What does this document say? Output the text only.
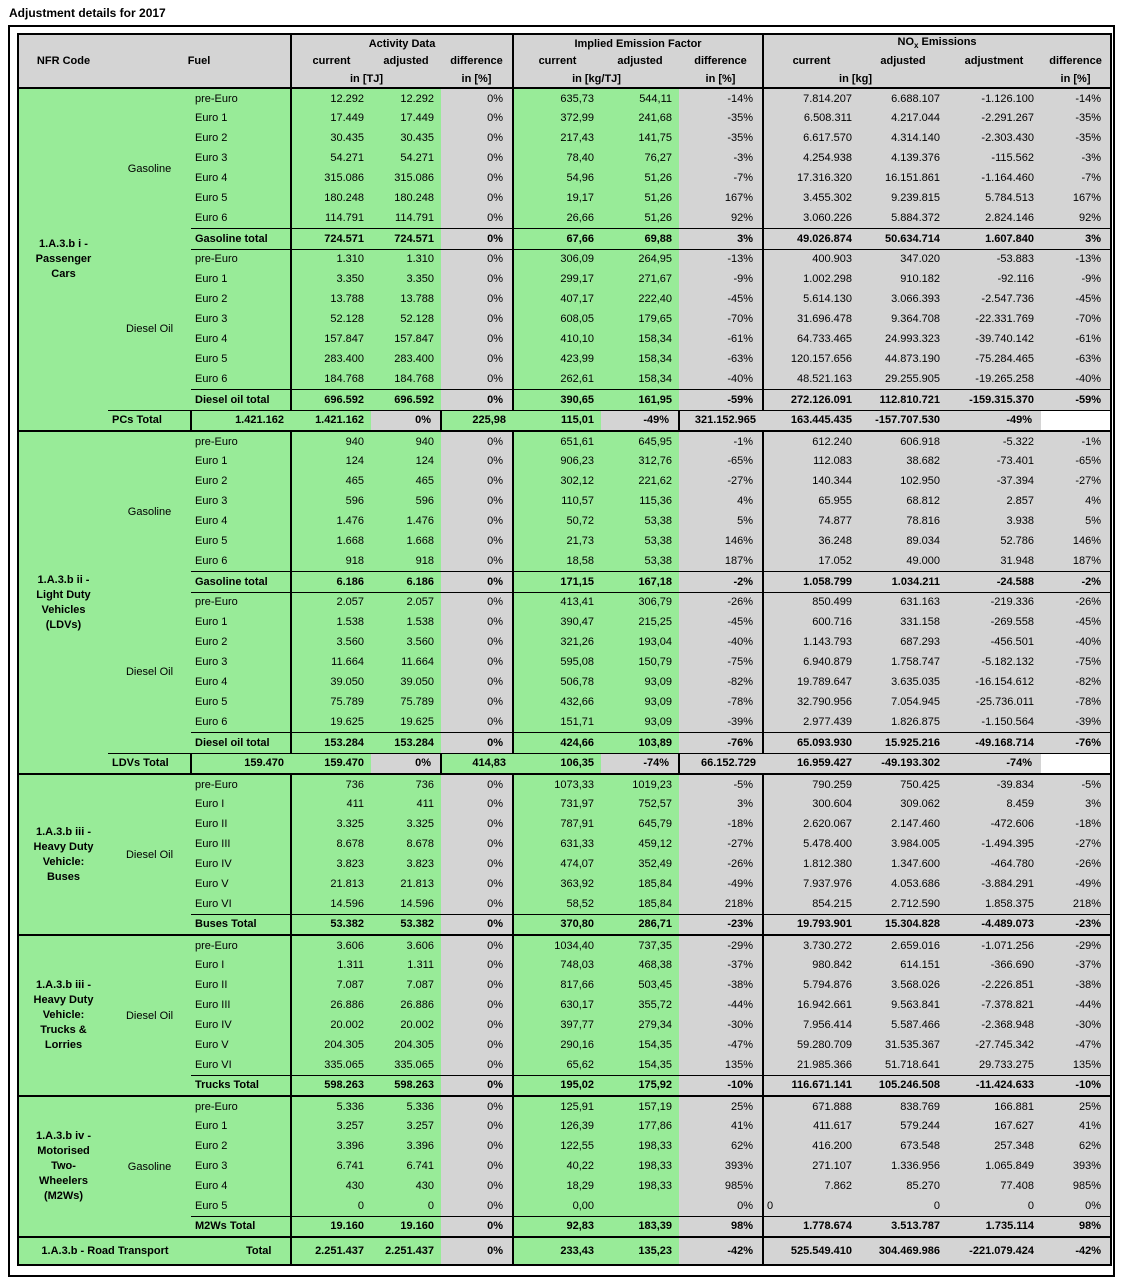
Adjustment details for 2017
NFR Code	Fuel		Activity Data			Implied Emission Factor			$NO_x$ Emissions			
			current	adjusted	difference	current	adjusted	difference	current	adjusted	adjustment	difference
			in [TJ]		in [%]	in [kg/TJ]		in [%]	in [kg]			in [%]

1.A.3.b i -
Passenger
Cars	Gasoline	pre-Euro	12.292	12.292	0%	635,73	544,11	-14%	7.814.207	6.688.107	-1.126.100	-14%
		Euro 1	17.449	17.449	0%	372,99	241,68	-35%	6.508.311	4.217.044	-2.291.267	-35%
		Euro 2	30.435	30.435	0%	217,43	141,75	-35%	6.617.570	4.314.140	-2.303.430	-35%
		Euro 3	54.271	54.271	0%	78,40	76,27	-3%	4.254.938	4.139.376	-115.562	-3%
		Euro 4	315.086	315.086	0%	54,96	51,26	-7%	17.316.320	16.151.861	-1.164.460	-7%
		Euro 5	180.248	180.248	0%	19,17	51,26	167%	3.455.302	9.239.815	5.784.513	167%
		Euro 6	114.791	114.791	0%	26,66	51,26	92%	3.060.226	5.884.372	2.824.146	92%
		Gasoline total	724.571	724.571	0%	67,66	69,88	3%	49.026.874	50.634.714	1.607.840	3%
	Diesel Oil	pre-Euro	1.310	1.310	0%	306,09	264,95	-13%	400.903	347.020	-53.883	-13%
		Euro 1	3.350	3.350	0%	299,17	271,67	-9%	1.002.298	910.182	-92.116	-9%
		Euro 2	13.788	13.788	0%	407,17	222,40	-45%	5.614.130	3.066.393	-2.547.736	-45%
		Euro 3	52.128	52.128	0%	608,05	179,65	-70%	31.696.478	9.364.708	-22.331.769	-70%
		Euro 4	157.847	157.847	0%	410,10	158,34	-61%	64.733.465	24.993.323	-39.740.142	-61%
		Euro 5	283.400	283.400	0%	423,99	158,34	-63%	120.157.656	44.873.190	-75.284.465	-63%
		Euro 6	184.768	184.768	0%	262,61	158,34	-40%	48.521.163	29.255.905	-19.265.258	-40%
		Diesel oil total	696.592	696.592	0%	390,65	161,95	-59%	272.126.091	112.810.721	-159.315.370	-59%
	PCs Total	1.421.162	1.421.162	0%	225,98	115,01	-49%	321.152.965	163.445.435	-157.707.530	-49%	

1.A.3.b ii -
Light Duty
Vehicles
(LDVs)	Gasoline	pre-Euro	940	940	0%	651,61	645,95	-1%	612.240	606.918	-5.322	-1%
		Euro 1	124	124	0%	906,23	312,76	-65%	112.083	38.682	-73.401	-65%
		Euro 2	465	465	0%	302,12	221,62	-27%	140.344	102.950	-37.394	-27%
		Euro 3	596	596	0%	110,57	115,36	4%	65.955	68.812	2.857	4%
		Euro 4	1.476	1.476	0%	50,72	53,38	5%	74.877	78.816	3.938	5%
		Euro 5	1.668	1.668	0%	21,73	53,38	146%	36.248	89.034	52.786	146%
		Euro 6	918	918	0%	18,58	53,38	187%	17.052	49.000	31.948	187%
		Gasoline total	6.186	6.186	0%	171,15	167,18	-2%	1.058.799	1.034.211	-24.588	-2%
	Diesel Oil	pre-Euro	2.057	2.057	0%	413,41	306,79	-26%	850.499	631.163	-219.336	-26%
		Euro 1	1.538	1.538	0%	390,47	215,25	-45%	600.716	331.158	-269.558	-45%
		Euro 2	3.560	3.560	0%	321,26	193,04	-40%	1.143.793	687.293	-456.501	-40%
		Euro 3	11.664	11.664	0%	595,08	150,79	-75%	6.940.879	1.758.747	-5.182.132	-75%
		Euro 4	39.050	39.050	0%	506,78	93,09	-82%	19.789.647	3.635.035	-16.154.612	-82%
		Euro 5	75.789	75.789	0%	432,66	93,09	-78%	32.790.956	7.054.945	-25.736.011	-78%
		Euro 6	19.625	19.625	0%	151,71	93,09	-39%	2.977.439	1.826.875	-1.150.564	-39%
		Diesel oil total	153.284	153.284	0%	424,66	103,89	-76%	65.093.930	15.925.216	-49.168.714	-76%
	LDVs Total	159.470	159.470	0%	414,83	106,35	-74%	66.152.729	16.959.427	-49.193.302	-74%	

1.A.3.b iii -
Heavy Duty
Vehicle:
Buses	Diesel Oil	pre-Euro	736	736	0%	1073,33	1019,23	-5%	790.259	750.425	-39.834	-5%
		Euro I	411	411	0%	731,97	752,57	3%	300.604	309.062	8.459	3%
		Euro II	3.325	3.325	0%	787,91	645,79	-18%	2.620.067	2.147.460	-472.606	-18%
		Euro III	8.678	8.678	0%	631,33	459,12	-27%	5.478.400	3.984.005	-1.494.395	-27%
		Euro IV	3.823	3.823	0%	474,07	352,49	-26%	1.812.380	1.347.600	-464.780	-26%
		Euro V	21.813	21.813	0%	363,92	185,84	-49%	7.937.976	4.053.686	-3.884.291	-49%
		Euro VI	14.596	14.596	0%	58,52	185,84	218%	854.215	2.712.590	1.858.375	218%
		Buses Total	53.382	53.382	0%	370,80	286,71	-23%	19.793.901	15.304.828	-4.489.073	-23%

1.A.3.b iii -
Heavy Duty
Vehicle:
Trucks &
Lorries	Diesel Oil	pre-Euro	3.606	3.606	0%	1034,40	737,35	-29%	3.730.272	2.659.016	-1.071.256	-29%
		Euro I	1.311	1.311	0%	748,03	468,38	-37%	980.842	614.151	-366.690	-37%
		Euro II	7.087	7.087	0%	817,66	503,45	-38%	5.794.876	3.568.026	-2.226.851	-38%
		Euro III	26.886	26.886	0%	630,17	355,72	-44%	16.942.661	9.563.841	-7.378.821	-44%
		Euro IV	20.002	20.002	0%	397,77	279,34	-30%	7.956.414	5.587.466	-2.368.948	-30%
		Euro V	204.305	204.305	0%	290,16	154,35	-47%	59.280.709	31.535.367	-27.745.342	-47%
		Euro VI	335.065	335.065	0%	65,62	154,35	135%	21.985.366	51.718.641	29.733.275	135%
		Trucks Total	598.263	598.263	0%	195,02	175,92	-10%	116.671.141	105.246.508	-11.424.633	-10%

1.A.3.b iv -
Motorised
Two-
Wheelers
(M2Ws)	Gasoline	pre-Euro	5.336	5.336	0%	125,91	157,19	25%	671.888	838.769	166.881	25%
		Euro 1	3.257	3.257	0%	126,39	177,86	41%	411.617	579.244	167.627	41%
		Euro 2	3.396	3.396	0%	122,55	198,33	62%	416.200	673.548	257.348	62%
		Euro 3	6.741	6.741	0%	40,22	198,33	393%	271.107	1.336.956	1.065.849	393%
		Euro 4	430	430	0%	18,29	198,33	985%	7.862	85.270	77.408	985%
		Euro 5	0	0	0%	0,00		0%	0	0	0	0%
		M2Ws Total	19.160	19.160	0%	92,83	183,39	98%	1.778.674	3.513.787	1.735.114	98%
1.A.3.b - Road Transport		Total	2.251.437	2.251.437	0%	233,43	135,23	-42%	525.549.410	304.469.986	-221.079.424	-42%
